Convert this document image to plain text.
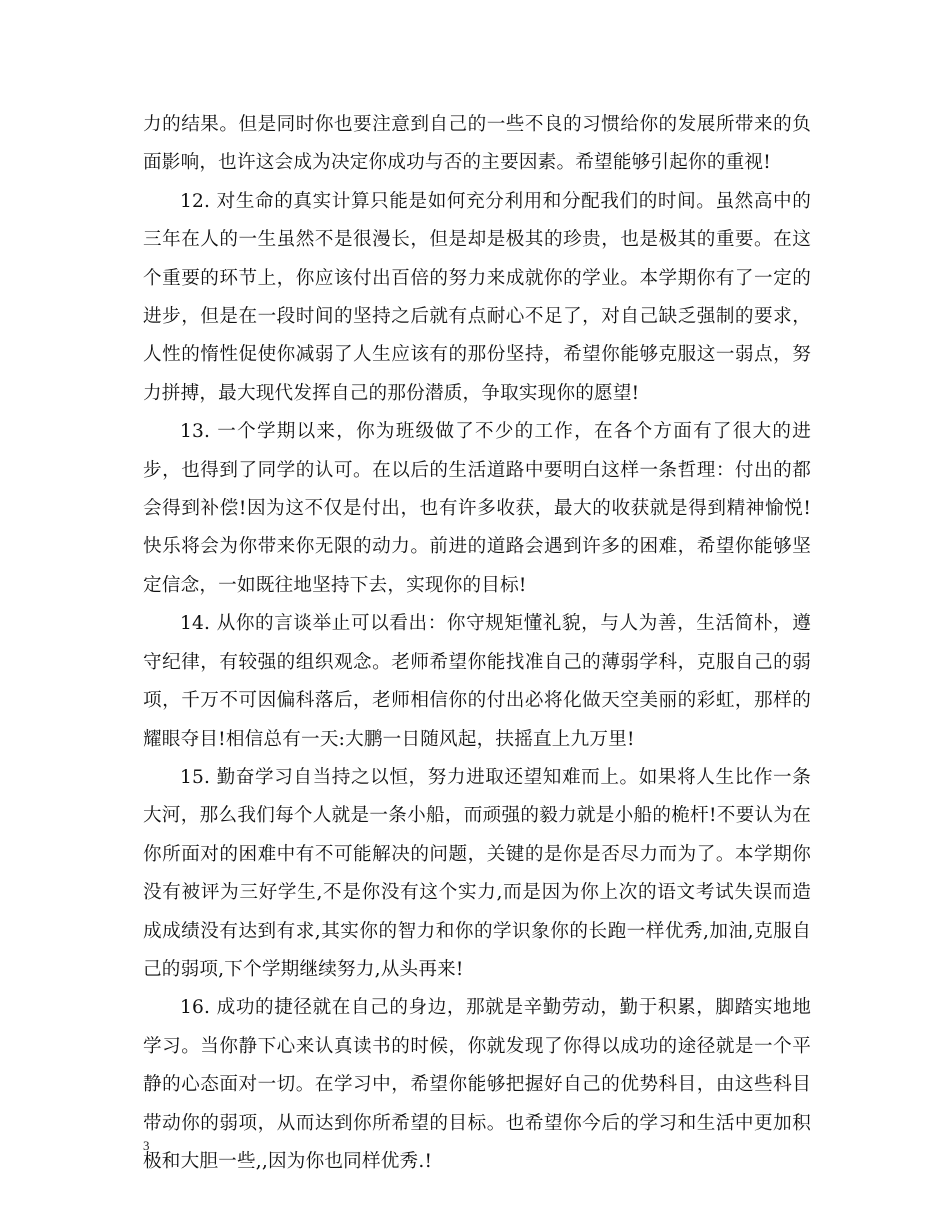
力的结果。但是同时你也要注意到自己的一些不良的习惯给你的发展所带来的负面影响，也许这会成为决定你成功与否的主要因素。希望能够引起你的重视!

12. 对生命的真实计算只能是如何充分利用和分配我们的时间。虽然高中的三年在人的一生虽然不是很漫长，但是却是极其的珍贵，也是极其的重要。在这个重要的环节上，你应该付出百倍的努力来成就你的学业。本学期你有了一定的进步，但是在一段时间的坚持之后就有点耐心不足了，对自己缺乏强制的要求，人性的惰性促使你减弱了人生应该有的那份坚持，希望你能够克服这一弱点，努力拼搏，最大现代发挥自己的那份潜质，争取实现你的愿望!

13. 一个学期以来，你为班级做了不少的工作，在各个方面有了很大的进步，也得到了同学的认可。在以后的生活道路中要明白这样一条哲理：付出的都会得到补偿!因为这不仅是付出，也有许多收获，最大的收获就是得到精神愉悦!快乐将会为你带来你无限的动力。前进的道路会遇到许多的困难，希望你能够坚定信念，一如既往地坚持下去，实现你的目标!

14. 从你的言谈举止可以看出：你守规矩懂礼貌，与人为善，生活简朴，遵守纪律，有较强的组织观念。老师希望你能找准自己的薄弱学科，克服自己的弱项，千万不可因偏科落后，老师相信你的付出必将化做天空美丽的彩虹，那样的耀眼夺目!相信总有一天:大鹏一日随风起，扶摇直上九万里!

15. 勤奋学习自当持之以恒，努力进取还望知难而上。如果将人生比作一条大河，那么我们每个人就是一条小船，而顽强的毅力就是小船的桅杆!不要认为在你所面对的困难中有不可能解决的问题，关键的是你是否尽力而为了。本学期你没有被评为三好学生,不是你没有这个实力,而是因为你上次的语文考试失误而造成成绩没有达到有求,其实你的智力和你的学识象你的长跑一样优秀,加油,克服自己的弱项,下个学期继续努力,从头再来!

16. 成功的捷径就在自己的身边，那就是辛勤劳动，勤于积累，脚踏实地地学习。当你静下心来认真读书的时候，你就发现了你得以成功的途径就是一个平静的心态面对一切。在学习中，希望你能够把握好自己的优势科目，由这些科目带动你的弱项，从而达到你所希望的目标。也希望你今后的学习和生活中更加积极和大胆一些,,因为你也同样优秀.!

3
